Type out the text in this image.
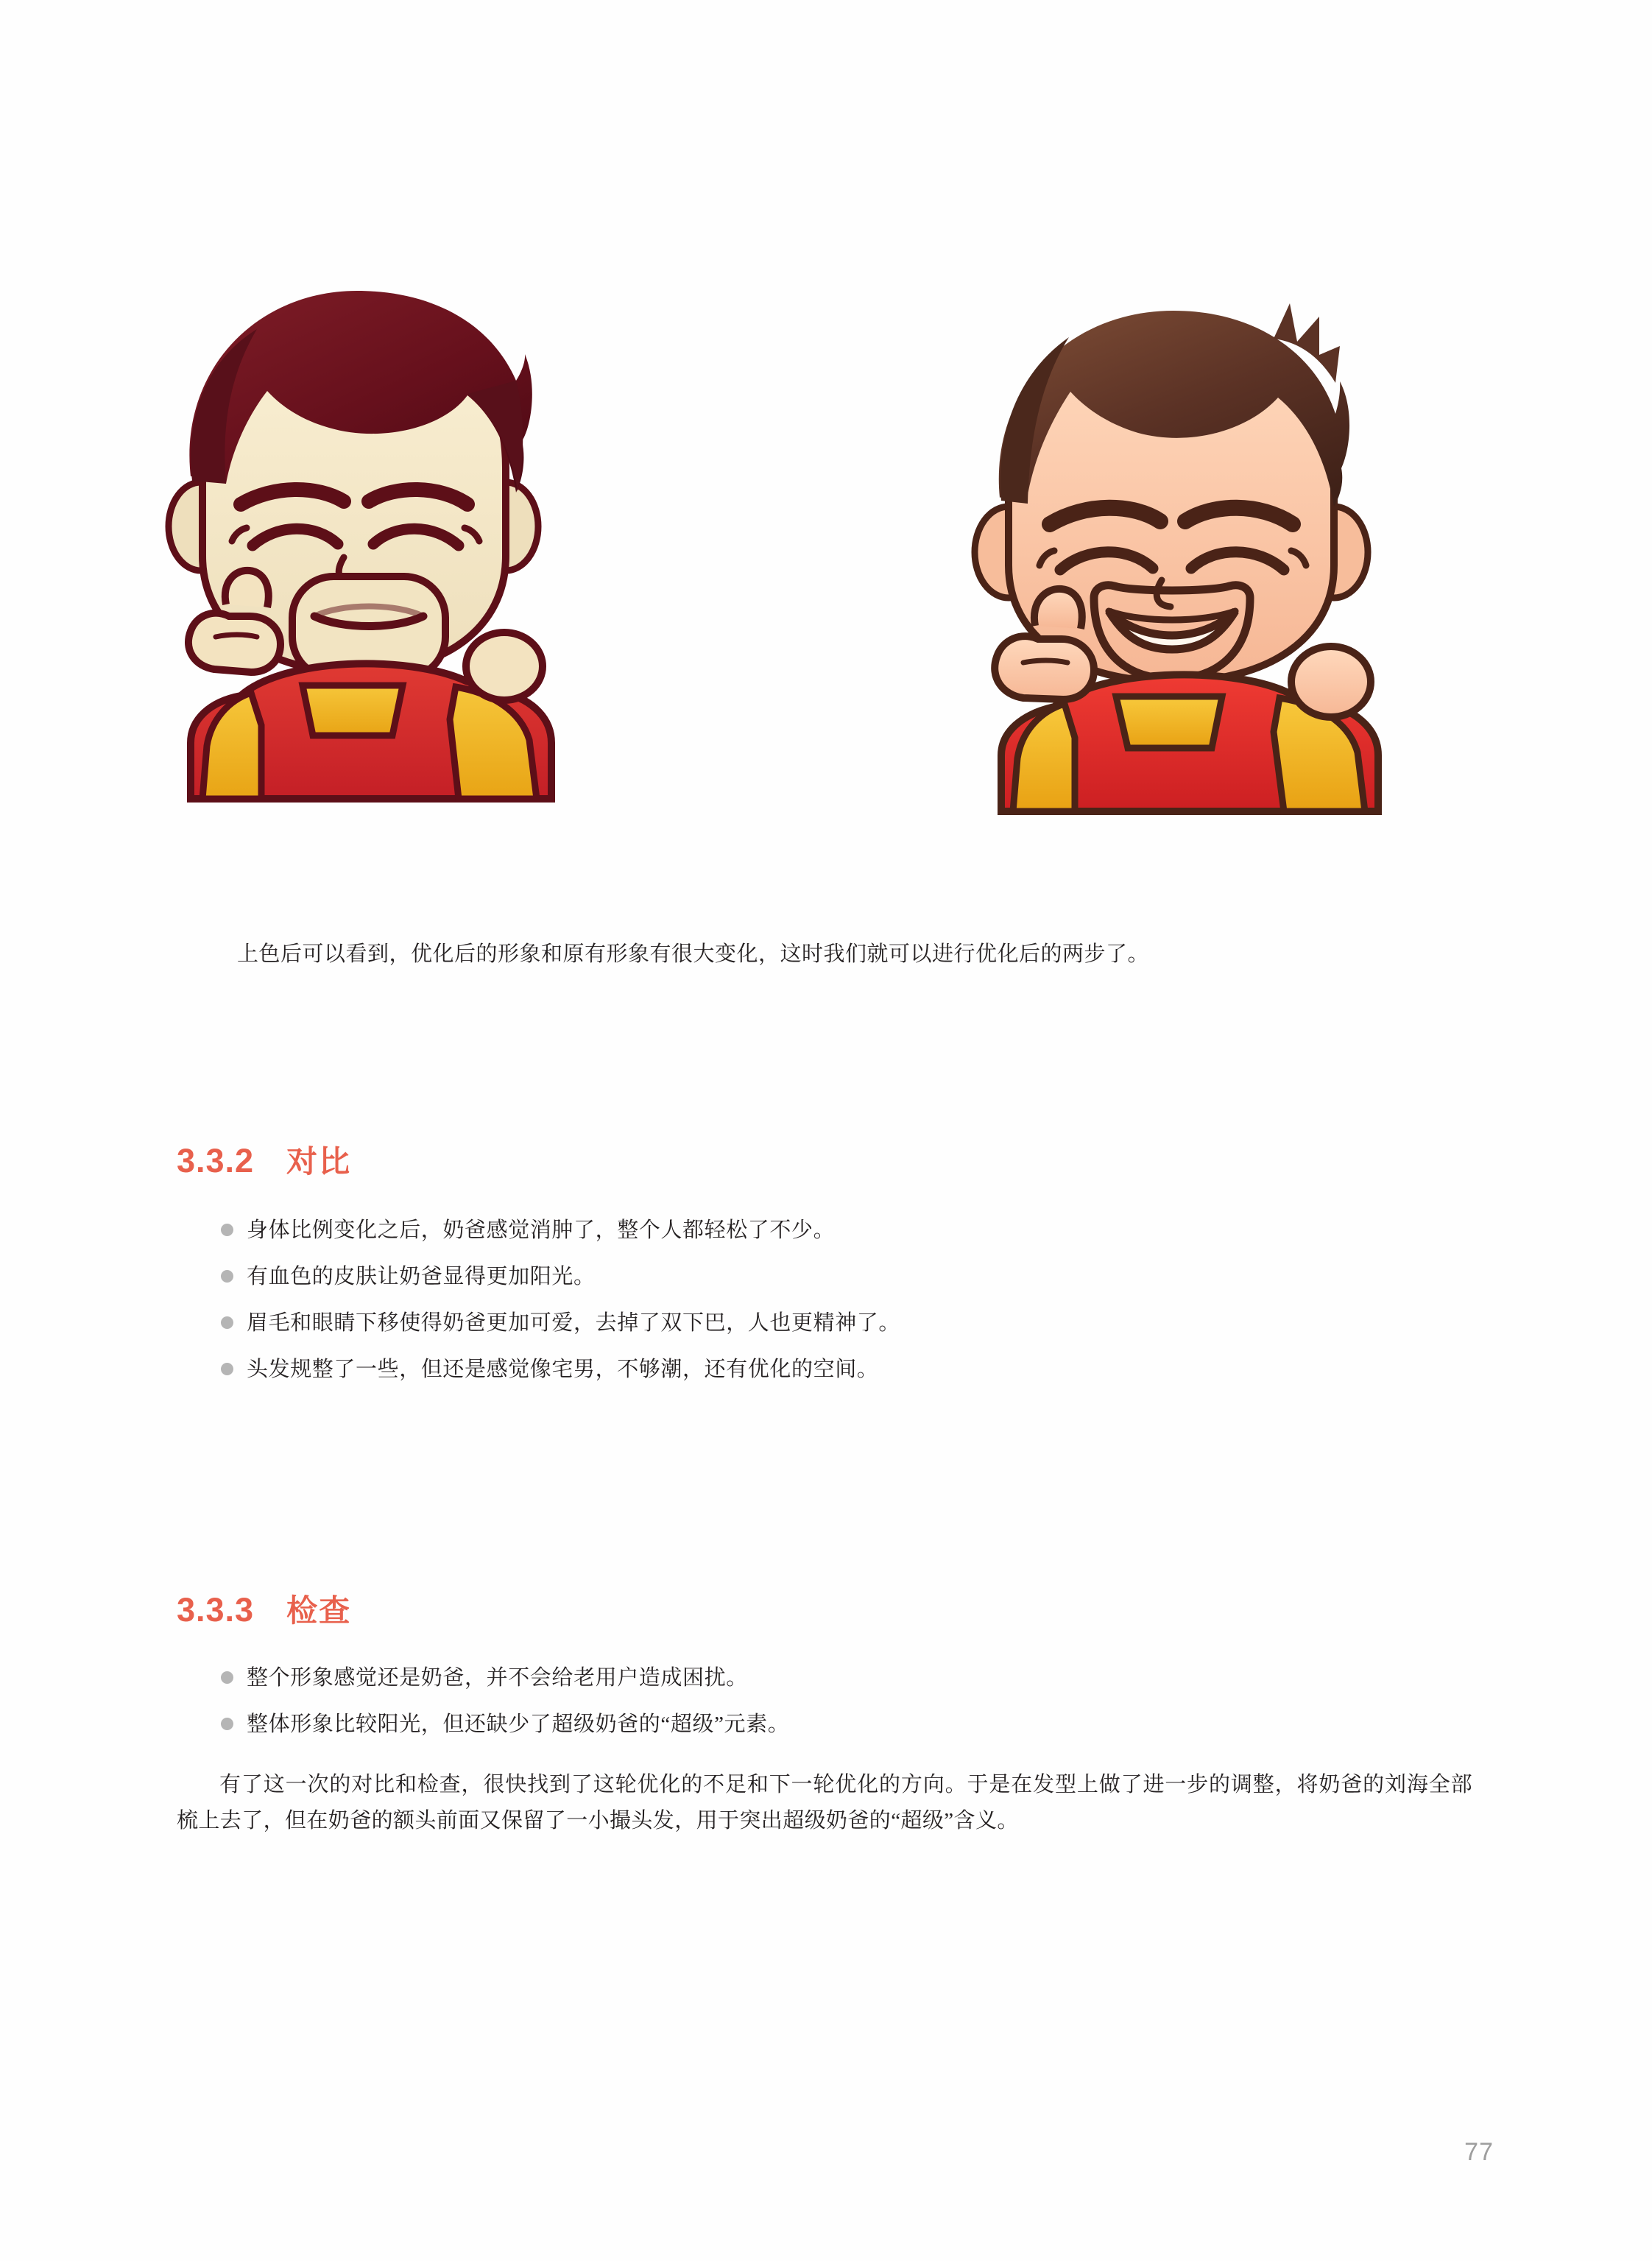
上色后可以看到，优化后的形象和原有形象有很大变化，这时我们就可以进行优化后的两步了。
3.3.2 对比
身体比例变化之后，奶爸感觉消肿了，整个人都轻松了不少。
有血色的皮肤让奶爸显得更加阳光。
眉毛和眼睛下移使得奶爸更加可爱，去掉了双下巴，人也更精神了。
头发规整了一些，但还是感觉像宅男，不够潮，还有优化的空间。
3.3.3 检查
整个形象感觉还是奶爸，并不会给老用户造成困扰。
整体形象比较阳光，但还缺少了超级奶爸的“超级”元素。
有了这一次的对比和检查，很快找到了这轮优化的不足和下一轮优化的方向。于是在发型上做了进一步的调整，将奶爸的刘海全部梳上去了，但在奶爸的额头前面又保留了一小撮头发，用于突出超级奶爸的“超级”含义。
77
